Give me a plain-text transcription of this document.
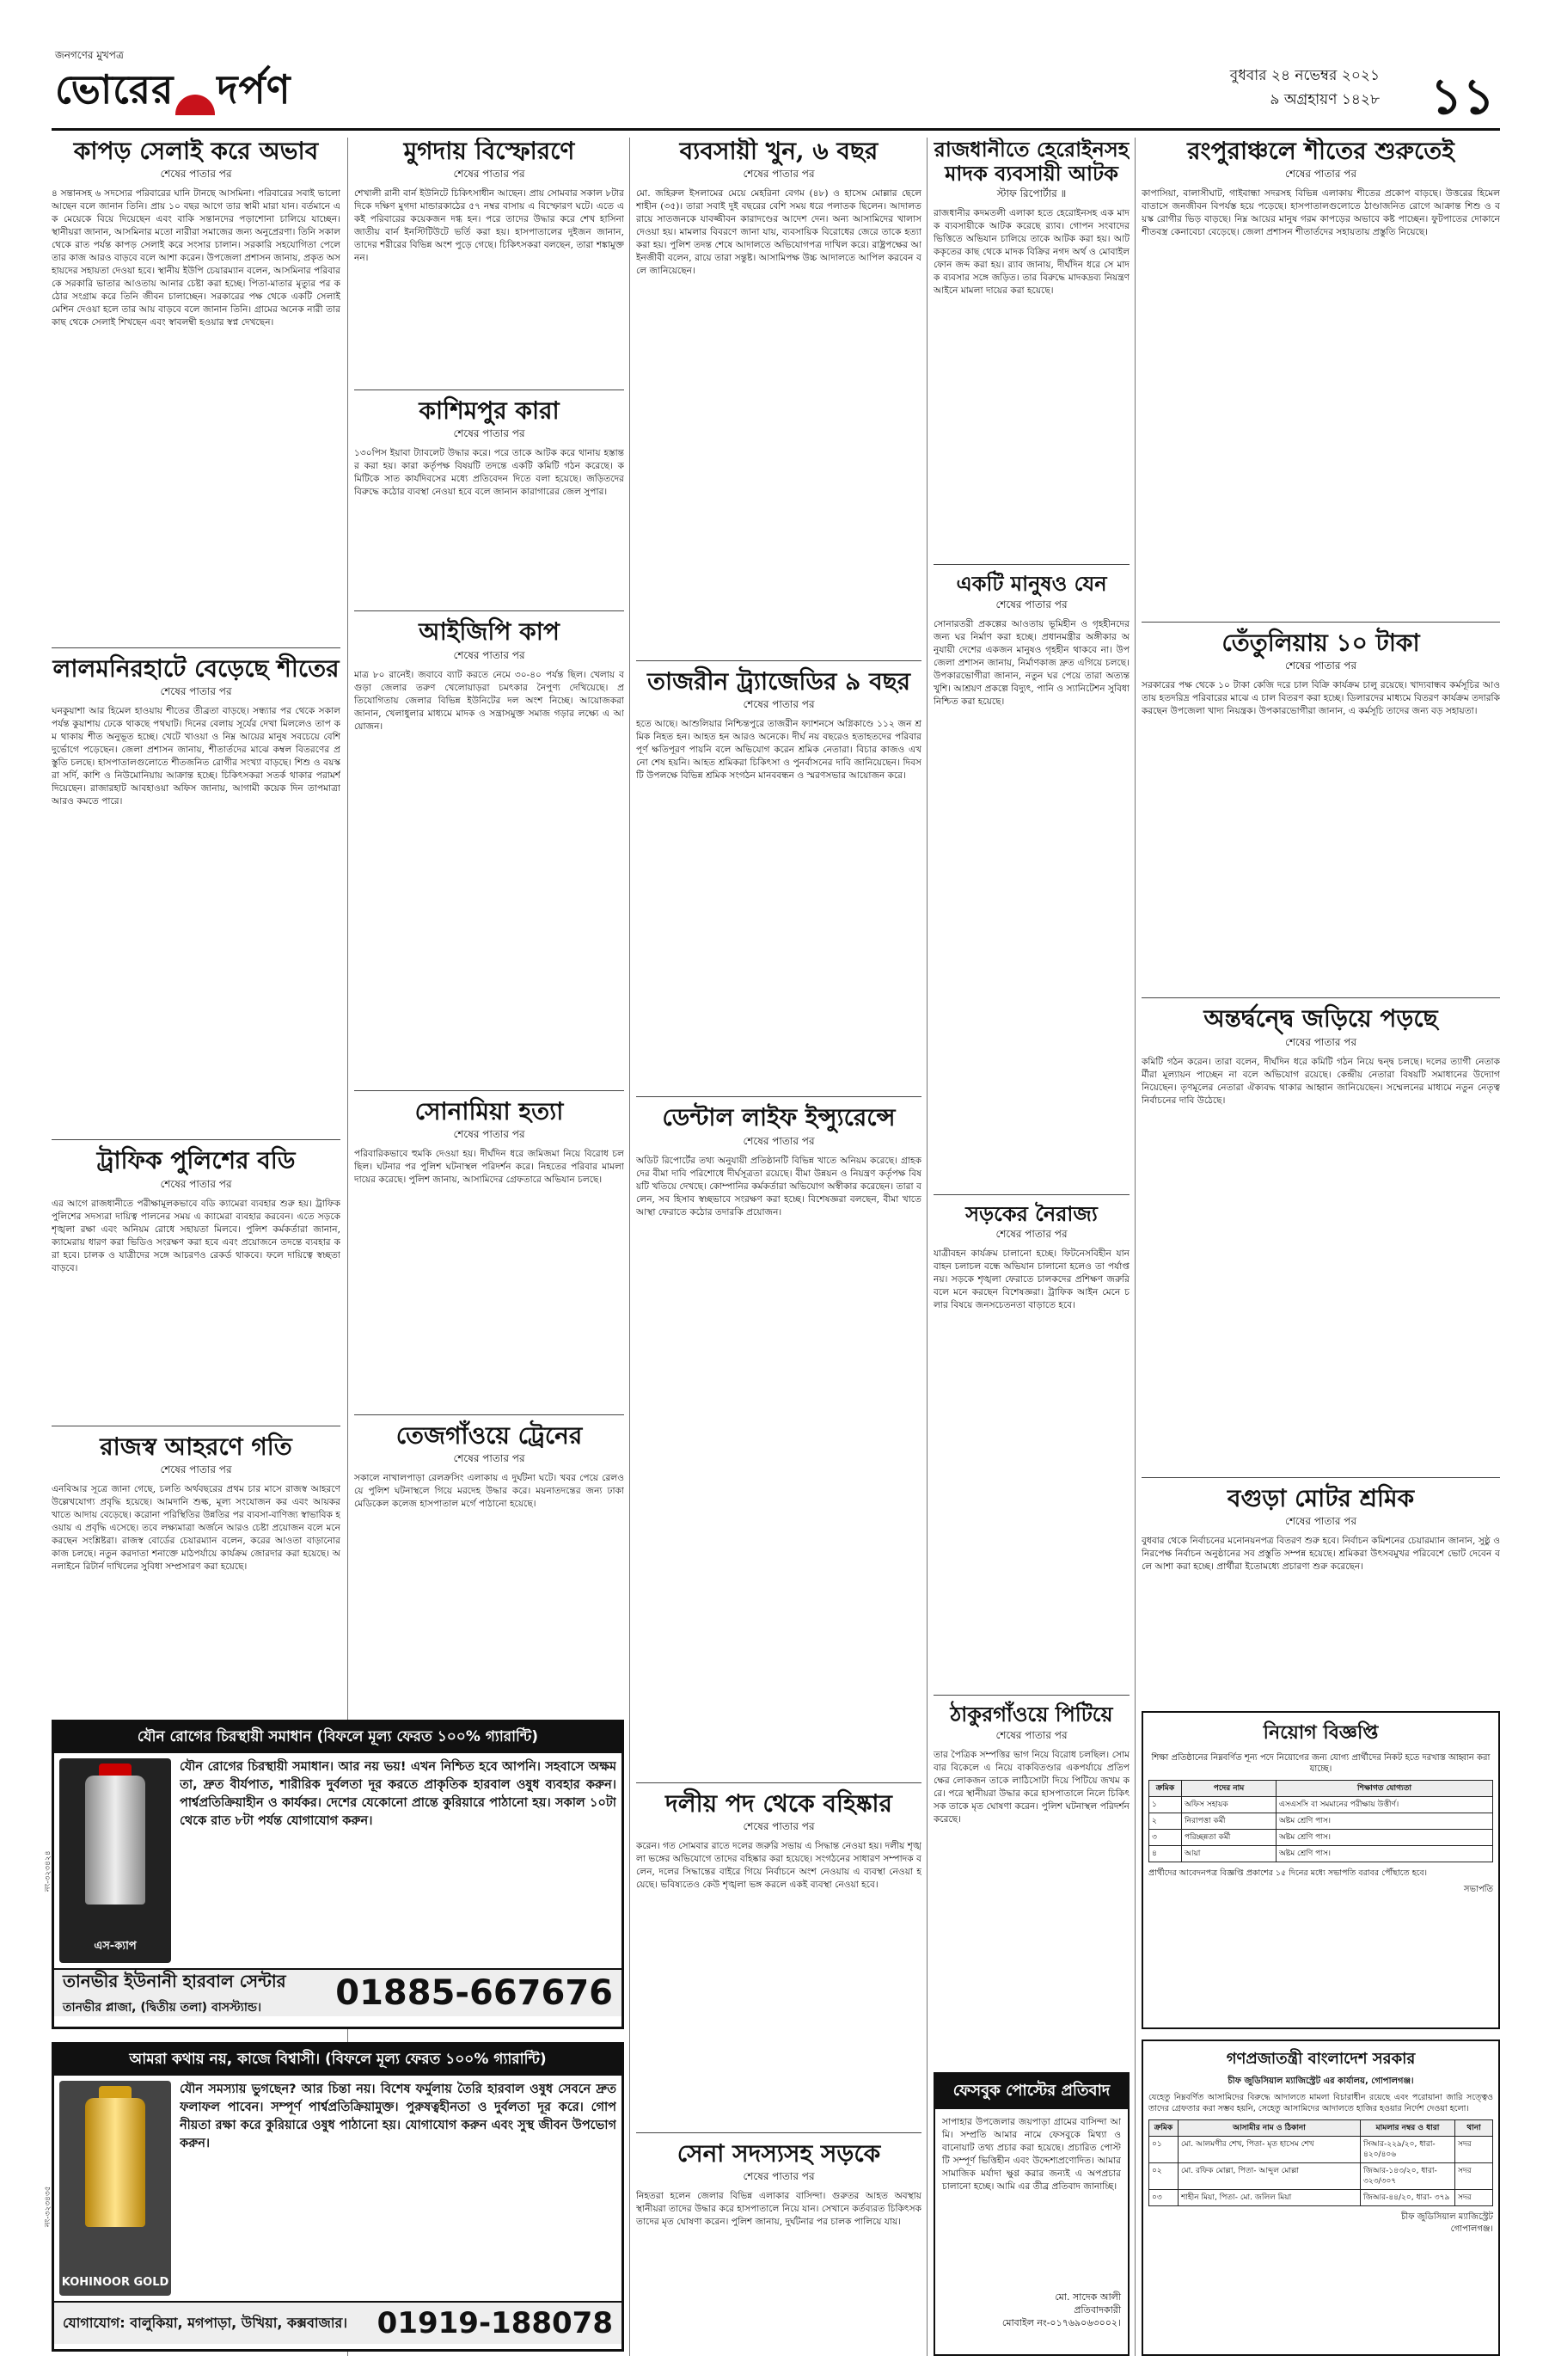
জনগণের মুখপত্র
ভোরের দর্পণ	বুধবার ২৪ নভেম্বর ২০২১
৯ অগ্রহায়ণ ১৪২৮ ১১
কাপড় সেলাই করে অভাব
শেষের পাতার পর
৪ সন্তানসহ ৬ সদস্যের পরিবারের ঘানি টানছে আসমিনা। পরিবারের সবাই ভালো আছেন বলে জানান তিনি। প্রায় ১০ বছর আগে তার স্বামী মারা যান। বর্তমানে এক মেয়েকে বিয়ে দিয়েছেন এবং বাকি সন্তানদের পড়াশোনা চালিয়ে যাচ্ছেন। স্থানীয়রা জানান, আসমিনার মতো নারীরা সমাজের জন্য অনুপ্রেরণা। তিনি সকাল থেকে রাত পর্যন্ত কাপড় সেলাই করে সংসার চালান। সরকারি সহযোগিতা পেলে তার কাজ আরও বাড়বে বলে আশা করেন। উপজেলা প্রশাসন জানায়, প্রকৃত অসহায়দের সহায়তা দেওয়া হবে। স্থানীয় ইউপি চেয়ারম্যান বলেন, আসমিনার পরিবারকে সরকারি ভাতার আওতায় আনার চেষ্টা করা হচ্ছে। পিতা-মাতার মৃত্যুর পর কঠোর সংগ্রাম করে তিনি জীবন চালাচ্ছেন। সরকারের পক্ষ থেকে একটি সেলাই মেশিন দেওয়া হলে তার আয় বাড়বে বলে জানান তিনি। গ্রামের অনেক নারী তার কাছ থেকে সেলাই শিখছেন এবং স্বাবলম্বী হওয়ার স্বপ্ন দেখছেন।
লালমনিরহাটে বেড়েছে শীতের
শেষের পাতার পর
ঘনকুয়াশা আর হিমেল হাওয়ায় শীতের তীব্রতা বাড়ছে। সন্ধ্যার পর থেকে সকাল পর্যন্ত কুয়াশায় ঢেকে থাকছে পথঘাট। দিনের বেলায় সূর্যের দেখা মিললেও তাপ কম থাকায় শীত অনুভূত হচ্ছে। খেটে খাওয়া ও নিম্ন আয়ের মানুষ সবচেয়ে বেশি দুর্ভোগে পড়েছেন। জেলা প্রশাসন জানায়, শীতার্তদের মাঝে কম্বল বিতরণের প্রস্তুতি চলছে। হাসপাতালগুলোতে শীতজনিত রোগীর সংখ্যা বাড়ছে। শিশু ও বয়স্করা সর্দি, কাশি ও নিউমোনিয়ায় আক্রান্ত হচ্ছে। চিকিৎসকরা সতর্ক থাকার পরামর্শ দিয়েছেন। রাজারহাট আবহাওয়া অফিস জানায়, আগামী কয়েক দিন তাপমাত্রা আরও কমতে পারে।
ট্রাফিক পুলিশের বডি
শেষের পাতার পর
এর আগে রাজধানীতে পরীক্ষামূলকভাবে বডি ক্যামেরা ব্যবহার শুরু হয়। ট্রাফিক পুলিশের সদস্যরা দায়িত্ব পালনের সময় এ ক্যামেরা ব্যবহার করবেন। এতে সড়কে শৃঙ্খলা রক্ষা এবং অনিয়ম রোধে সহায়তা মিলবে। পুলিশ কর্মকর্তারা জানান, ক্যামেরায় ধারণ করা ভিডিও সংরক্ষণ করা হবে এবং প্রয়োজনে তদন্তে ব্যবহার করা হবে। চালক ও যাত্রীদের সঙ্গে আচরণও রেকর্ড থাকবে। ফলে দায়িত্বে স্বচ্ছতা বাড়বে।
রাজস্ব আহরণে গতি
শেষের পাতার পর
এনবিআর সূত্রে জানা গেছে, চলতি অর্থবছরের প্রথম চার মাসে রাজস্ব আহরণে উল্লেখযোগ্য প্রবৃদ্ধি হয়েছে। আমদানি শুল্ক, মূল্য সংযোজন কর এবং আয়কর খাতে আদায় বেড়েছে। করোনা পরিস্থিতির উন্নতির পর ব্যবসা-বাণিজ্য স্বাভাবিক হওয়ায় এ প্রবৃদ্ধি এসেছে। তবে লক্ষ্যমাত্রা অর্জনে আরও চেষ্টা প্রয়োজন বলে মনে করছেন সংশ্লিষ্টরা। রাজস্ব বোর্ডের চেয়ারম্যান বলেন, করের আওতা বাড়ানোর কাজ চলছে। নতুন করদাতা শনাক্তে মাঠপর্যায়ে কার্যক্রম জোরদার করা হয়েছে। অনলাইনে রিটার্ন দাখিলের সুবিধা সম্প্রসারণ করা হয়েছে।
মুগদায় বিস্ফোরণে
শেষের পাতার পর
শেখালী রানী বার্ন ইউনিটে চিকিৎসাধীন আছেন। প্রায় সোমবার সকাল ৮টার দিকে দক্ষিণ মুগদা মান্ডারকাঠের ৫৭ নম্বর বাসায় এ বিস্ফোরণ ঘটে। এতে একই পরিবারের কয়েকজন দগ্ধ হন। পরে তাদের উদ্ধার করে শেখ হাসিনা জাতীয় বার্ন ইনস্টিটিউটে ভর্তি করা হয়। হাসপাতালের দুইজন জানান, তাদের শরীরের বিভিন্ন অংশ পুড়ে গেছে। চিকিৎসকরা বলছেন, তারা শঙ্কামুক্ত নন।
কাশিমপুর কারা
শেষের পাতার পর
১৩০পিস ইয়াবা ট্যাবলেট উদ্ধার করে। পরে তাকে আটক করে থানায় হস্তান্তর করা হয়। কারা কর্তৃপক্ষ বিষয়টি তদন্তে একটি কমিটি গঠন করেছে। কমিটিকে সাত কার্যদিবসের মধ্যে প্রতিবেদন দিতে বলা হয়েছে। জড়িতদের বিরুদ্ধে কঠোর ব্যবস্থা নেওয়া হবে বলে জানান কারাগারের জেল সুপার।
আইজিপি কাপ
শেষের পাতার পর
মাত্র ৮০ রানেই। জবাবে ব্যাট করতে নেমে ৩০-৪০ পর্যন্ত ছিল। খেলায় বগুড়া জেলার তরুণ খেলোয়াড়রা চমৎকার নৈপুণ্য দেখিয়েছে। প্রতিযোগিতায় জেলার বিভিন্ন ইউনিটের দল অংশ নিচ্ছে। আয়োজকরা জানান, খেলাধুলার মাধ্যমে মাদক ও সন্ত্রাসমুক্ত সমাজ গড়ার লক্ষ্যে এ আয়োজন।
সোনামিয়া হত্যা
শেষের পাতার পর
পরিবারিকভাবে হুমকি দেওয়া হয়। দীর্ঘদিন ধরে জমিজমা নিয়ে বিরোধ চলছিল। ঘটনার পর পুলিশ ঘটনাস্থল পরিদর্শন করে। নিহতের পরিবার মামলা দায়ের করেছে। পুলিশ জানায়, আসামিদের গ্রেফতারে অভিযান চলছে।
তেজগাঁওয়ে ট্রেনের
শেষের পাতার পর
সকালে নাখালপাড়া রেলক্রসিং এলাকায় এ দুর্ঘটনা ঘটে। খবর পেয়ে রেলওয়ে পুলিশ ঘটনাস্থলে গিয়ে মরদেহ উদ্ধার করে। ময়নাতদন্তের জন্য ঢাকা মেডিকেল কলেজ হাসপাতাল মর্গে পাঠানো হয়েছে।
ব্যবসায়ী খুন, ৬ বছর
শেষের পাতার পর
মো. জহিরুল ইসলামের মেয়ে মেহরিনা বেগম (৪৮) ও হাসেম মোল্লার ছেলে শাহীন (৩৫)। তারা সবাই দুই বছরের বেশি সময় ধরে পলাতক ছিলেন। আদালত রায়ে সাতজনকে যাবজ্জীবন কারাদণ্ডের আদেশ দেন। অন্য আসামিদের খালাস দেওয়া হয়। মামলার বিবরণে জানা যায়, ব্যবসায়িক বিরোধের জেরে তাকে হত্যা করা হয়। পুলিশ তদন্ত শেষে আদালতে অভিযোগপত্র দাখিল করে। রাষ্ট্রপক্ষের আইনজীবী বলেন, রায়ে তারা সন্তুষ্ট। আসামিপক্ষ উচ্চ আদালতে আপিল করবেন বলে জানিয়েছেন।
তাজরীন ট্র্যাজেডির ৯ বছর
শেষের পাতার পর
হতে আছে। আশুলিয়ার নিশ্চিন্তপুরে তাজরীন ফ্যাশনসে অগ্নিকাণ্ডে ১১২ জন শ্রমিক নিহত হন। আহত হন আরও অনেকে। দীর্ঘ নয় বছরেও হতাহতদের পরিবার পূর্ণ ক্ষতিপূরণ পায়নি বলে অভিযোগ করেন শ্রমিক নেতারা। বিচার কাজও এখনো শেষ হয়নি। আহত শ্রমিকরা চিকিৎসা ও পুনর্বাসনের দাবি জানিয়েছেন। দিবসটি উপলক্ষে বিভিন্ন শ্রমিক সংগঠন মানববন্ধন ও স্মরণসভার আয়োজন করে।
ডেন্টাল লাইফ ইন্স্যুরেন্সে
শেষের পাতার পর
অডিট রিপোর্টের তথ্য অনুযায়ী প্রতিষ্ঠানটি বিভিন্ন খাতে অনিয়ম করেছে। গ্রাহকদের বীমা দাবি পরিশোধে দীর্ঘসূত্রতা রয়েছে। বীমা উন্নয়ন ও নিয়ন্ত্রণ কর্তৃপক্ষ বিষয়টি খতিয়ে দেখছে। কোম্পানির কর্মকর্তারা অভিযোগ অস্বীকার করেছেন। তারা বলেন, সব হিসাব স্বচ্ছভাবে সংরক্ষণ করা হচ্ছে। বিশেষজ্ঞরা বলছেন, বীমা খাতে আস্থা ফেরাতে কঠোর তদারকি প্রয়োজন।
দলীয় পদ থেকে বহিষ্কার
শেষের পাতার পর
করেন। গত সোমবার রাতে দলের জরুরি সভায় এ সিদ্ধান্ত নেওয়া হয়। দলীয় শৃঙ্খলা ভঙ্গের অভিযোগে তাদের বহিষ্কার করা হয়েছে। সংগঠনের সাধারণ সম্পাদক বলেন, দলের সিদ্ধান্তের বাইরে গিয়ে নির্বাচনে অংশ নেওয়ায় এ ব্যবস্থা নেওয়া হয়েছে। ভবিষ্যতেও কেউ শৃঙ্খলা ভঙ্গ করলে একই ব্যবস্থা নেওয়া হবে।
সেনা সদস্যসহ সড়কে
শেষের পাতার পর
নিহতরা হলেন জেলার বিভিন্ন এলাকার বাসিন্দা। গুরুতর আহত অবস্থায় স্থানীয়রা তাদের উদ্ধার করে হাসপাতালে নিয়ে যান। সেখানে কর্তব্যরত চিকিৎসক তাদের মৃত ঘোষণা করেন। পুলিশ জানায়, দুর্ঘটনার পর চালক পালিয়ে যায়।
রাজধানীতে হেরোইনসহ মাদক ব্যবসায়ী আটক
স্টাফ রিপোর্টার ॥
রাজধানীর কদমতলী এলাকা হতে হেরোইনসহ এক মাদক ব্যবসায়ীকে আটক করেছে র‌্যাব। গোপন সংবাদের ভিত্তিতে অভিযান চালিয়ে তাকে আটক করা হয়। আটককৃতের কাছ থেকে মাদক বিক্রির নগদ অর্থ ও মোবাইল ফোন জব্দ করা হয়। র‌্যাব জানায়, দীর্ঘদিন ধরে সে মাদক ব্যবসার সঙ্গে জড়িত। তার বিরুদ্ধে মাদকদ্রব্য নিয়ন্ত্রণ আইনে মামলা দায়ের করা হয়েছে।
একটি মানুষও যেন
শেষের পাতার পর
সোনারতরী প্রকল্পের আওতায় ভূমিহীন ও গৃহহীনদের জন্য ঘর নির্মাণ করা হচ্ছে। প্রধানমন্ত্রীর অঙ্গীকার অনুযায়ী দেশের একজন মানুষও গৃহহীন থাকবে না। উপজেলা প্রশাসন জানায়, নির্মাণকাজ দ্রুত এগিয়ে চলছে। উপকারভোগীরা জানান, নতুন ঘর পেয়ে তারা অত্যন্ত খুশি। আশ্রয়ণ প্রকল্পে বিদ্যুৎ, পানি ও স্যানিটেশন সুবিধা নিশ্চিত করা হয়েছে।
সড়কের নৈরাজ্য
শেষের পাতার পর
যাত্রীবহন কার্যক্রম চালানো হচ্ছে। ফিটনেসবিহীন যানবাহন চলাচল বন্ধে অভিযান চালানো হলেও তা পর্যাপ্ত নয়। সড়কে শৃঙ্খলা ফেরাতে চালকদের প্রশিক্ষণ জরুরি বলে মনে করছেন বিশেষজ্ঞরা। ট্রাফিক আইন মেনে চলার বিষয়ে জনসচেতনতা বাড়াতে হবে।
ঠাকুরগাঁওয়ে পিটিয়ে
শেষের পাতার পর
তার পৈত্রিক সম্পত্তির ভাগ নিয়ে বিরোধ চলছিল। সোমবার বিকেলে এ নিয়ে বাকবিতণ্ডার একপর্যায়ে প্রতিপক্ষের লোকজন তাকে লাঠিসোটা দিয়ে পিটিয়ে জখম করে। পরে স্থানীয়রা উদ্ধার করে হাসপাতালে নিলে চিকিৎসক তাকে মৃত ঘোষণা করেন। পুলিশ ঘটনাস্থল পরিদর্শন করেছে।
রংপুরাঞ্চলে শীতের শুরুতেই
শেষের পাতার পর
কাপাসিয়া, বালাসীঘাট, গাইবান্ধা সদরসহ বিভিন্ন এলাকায় শীতের প্রকোপ বাড়ছে। উত্তরের হিমেল বাতাসে জনজীবন বিপর্যস্ত হয়ে পড়েছে। হাসপাতালগুলোতে ঠাণ্ডাজনিত রোগে আক্রান্ত শিশু ও বয়স্ক রোগীর ভিড় বাড়ছে। নিম্ন আয়ের মানুষ গরম কাপড়ের অভাবে কষ্ট পাচ্ছেন। ফুটপাতের দোকানে শীতবস্ত্র কেনাবেচা বেড়েছে। জেলা প্রশাসন শীতার্তদের সহায়তায় প্রস্তুতি নিয়েছে।
তেঁতুলিয়ায় ১০ টাকা
শেষের পাতার পর
সরকারের পক্ষ থেকে ১০ টাকা কেজি দরে চাল বিক্রি কার্যক্রম চালু রয়েছে। খাদ্যবান্ধব কর্মসূচির আওতায় হতদরিদ্র পরিবারের মাঝে এ চাল বিতরণ করা হচ্ছে। ডিলারদের মাধ্যমে বিতরণ কার্যক্রম তদারকি করছেন উপজেলা খাদ্য নিয়ন্ত্রক। উপকারভোগীরা জানান, এ কর্মসূচি তাদের জন্য বড় সহায়তা।
অন্তর্দ্বন্দ্বে জড়িয়ে পড়ছে
শেষের পাতার পর
কমিটি গঠন করেন। তারা বলেন, দীর্ঘদিন ধরে কমিটি গঠন নিয়ে দ্বন্দ্ব চলছে। দলের ত্যাগী নেতাকর্মীরা মূল্যায়ন পাচ্ছেন না বলে অভিযোগ রয়েছে। কেন্দ্রীয় নেতারা বিষয়টি সমাধানের উদ্যোগ নিয়েছেন। তৃণমূলের নেতারা ঐক্যবদ্ধ থাকার আহ্বান জানিয়েছেন। সম্মেলনের মাধ্যমে নতুন নেতৃত্ব নির্বাচনের দাবি উঠেছে।
বগুড়া মোটর শ্রমিক
শেষের পাতার পর
বুধবার থেকে নির্বাচনের মনোনয়নপত্র বিতরণ শুরু হবে। নির্বাচন কমিশনের চেয়ারম্যান জানান, সুষ্ঠু ও নিরপেক্ষ নির্বাচন অনুষ্ঠানের সব প্রস্তুতি সম্পন্ন হয়েছে। শ্রমিকরা উৎসবমুখর পরিবেশে ভোট দেবেন বলে আশা করা হচ্ছে। প্রার্থীরা ইতোমধ্যে প্রচারণা শুরু করেছেন।
যৌন রোগের চিরস্থায়ী সমাধান (বিফলে মূল্য ফেরত ১০০% গ্যারান্টি)
এস-ক্যাপ
যৌন রোগের চিরস্থায়ী সমাধান। আর নয় ভয়! এখন নিশ্চিত হবে আপনি। সহবাসে অক্ষমতা, দ্রুত বীর্যপাত, শারীরিক দুর্বলতা দূর করতে প্রাকৃতিক হারবাল ওষুধ ব্যবহার করুন। পার্শ্বপ্রতিক্রিয়াহীন ও কার্যকর। দেশের যেকোনো প্রান্তে কুরিয়ারে পাঠানো হয়। সকাল ১০টা থেকে রাত ৮টা পর্যন্ত যোগাযোগ করুন।
তানভীর ইউনানী হারবাল সেন্টার
তানভীর প্লাজা, (দ্বিতীয় তলা) বাসস্ট্যান্ড।	01885-667676
নং-৩২৩৪২৪
আমরা কথায় নয়, কাজে বিশ্বাসী। (বিফলে মূল্য ফেরত ১০০% গ্যারান্টি)
KOHINOOR GOLD
যৌন সমস্যায় ভুগছেন? আর চিন্তা নয়। বিশেষ ফর্মুলায় তৈরি হারবাল ওষুধ সেবনে দ্রুত ফলাফল পাবেন। সম্পূর্ণ পার্শ্বপ্রতিক্রিয়ামুক্ত। পুরুষত্বহীনতা ও দুর্বলতা দূর করে। গোপনীয়তা রক্ষা করে কুরিয়ারে ওষুধ পাঠানো হয়। যোগাযোগ করুন এবং সুস্থ জীবন উপভোগ করুন।
যোগাযোগ: বালুকিয়া, মগপাড়া, উখিয়া, কক্সবাজার। 01919-188078
নং-৩২৩৪৩৫
ফেসবুক পোস্টের প্রতিবাদ
সাপাহার উপজেলার জয়পাড়া গ্রামের বাসিন্দা আমি। সম্প্রতি আমার নামে ফেসবুকে মিথ্যা ও বানোয়াট তথ্য প্রচার করা হয়েছে। প্রচারিত পোস্টটি সম্পূর্ণ ভিত্তিহীন এবং উদ্দেশ্যপ্রণোদিত। আমার সামাজিক মর্যাদা ক্ষুণ্ণ করার জন্যই এ অপপ্রচার চালানো হচ্ছে। আমি এর তীব্র প্রতিবাদ জানাচ্ছি।
মো. সাদেক আলী
প্রতিবাদকারী
মোবাইল নং-০১৭৬৯০৬৩০০২।
নিয়োগ বিজ্ঞপ্তি
শিক্ষা প্রতিষ্ঠানের নিম্নবর্ণিত শূন্য পদে নিয়োগের জন্য যোগ্য প্রার্থীদের নিকট হতে দরখাস্ত আহ্বান করা যাচ্ছে।
ক্রমিক	পদের নাম	শিক্ষাগত যোগ্যতা
১	অফিস সহায়ক	এসএসসি বা সমমানের পরীক্ষায় উত্তীর্ণ।
২	নিরাপত্তা কর্মী	অষ্টম শ্রেণি পাস।
৩	পরিচ্ছন্নতা কর্মী	অষ্টম শ্রেণি পাস।
৪	আয়া	অষ্টম শ্রেণি পাস।
প্রার্থীদের আবেদনপত্র বিজ্ঞপ্তি প্রকাশের ১৫ দিনের মধ্যে সভাপতি বরাবর পৌঁছাতে হবে।
সভাপতি
গণপ্রজাতন্ত্রী বাংলাদেশ সরকার
চীফ জুডিসিয়াল ম্যাজিস্ট্রেট এর কার্যালয়, গোপালগঞ্জ।
যেহেতু নিম্নবর্ণিত আসামিদের বিরুদ্ধে আদালতে মামলা বিচারাধীন রয়েছে এবং পরোয়ানা জারি সত্ত্বেও তাদের গ্রেফতার করা সম্ভব হয়নি, সেহেতু আসামিদের আদালতে হাজির হওয়ার নির্দেশ দেওয়া হলো।
ক্রমিক	আসামীর নাম ও ঠিকানা	মামলার নম্বর ও ধারা	থানা
০১	মো. আলমগীর শেখ, পিতা- মৃত হাসেম শেখ	সিআর-২২৯/২০, ধারা- ৪২০/৪০৬	সদর
০২	মো. রফিক মোল্লা, পিতা- আব্দুল মোল্লা	জিআর-১৪৩/২০, ধারা- ৩২৩/৩০৭	সদর
০৩	শাহীন মিয়া, পিতা- মো. জলিল মিয়া	জিআর-৪৪/২০, ধারা- ৩৭৯	সদর
চীফ জুডিসিয়াল ম্যাজিস্ট্রেট
গোপালগঞ্জ।
